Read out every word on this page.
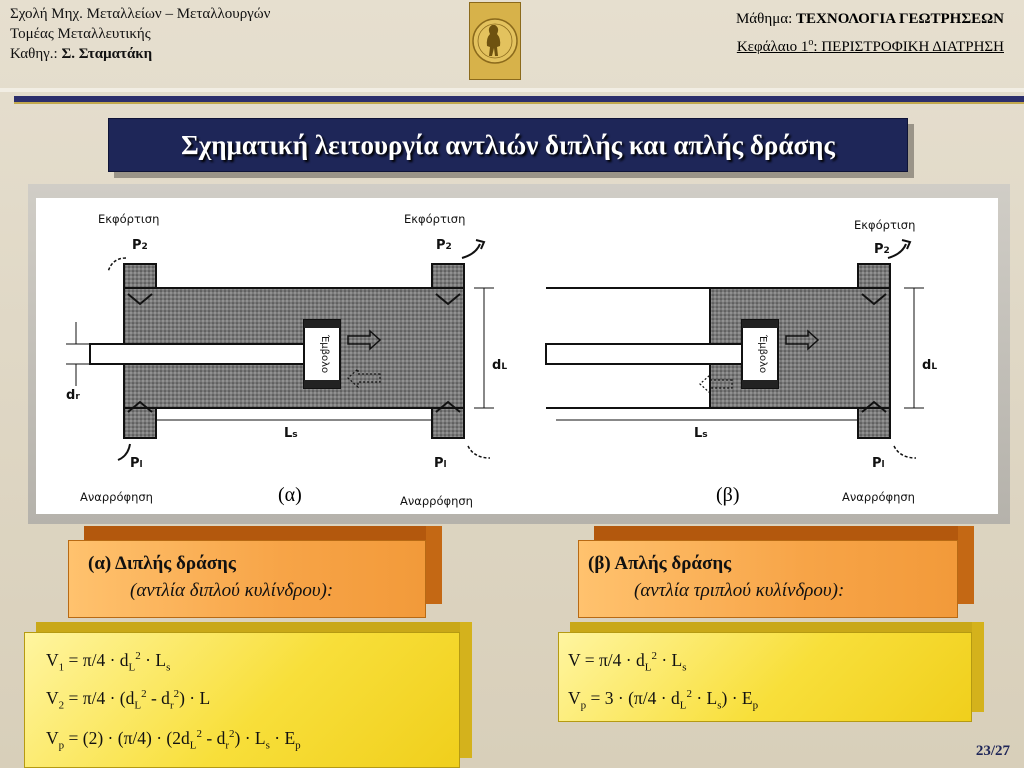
Σχολή Μηχ. Μεταλλείων – Μεταλλουργών
Τομέας Μεταλλευτικής
Καθηγ.: Σ. Σταματάκη
Μάθημα: ΤΕΧΝΟΛΟΓΙΑ ΓΕΩΤΡΗΣΕΩΝ
Κεφάλαιο $1^o$: ΠΕΡΙΣΤΡΟΦΙΚΗ ΔΙΑΤΡΗΣΗ
Σχηματική λειτουργία αντλιών διπλής και απλής δράσης
Έμβολο	Έμβολο
Εκφόρτιση	Εκφόρτιση	Εκφόρτιση
Αναρρόφηση	Αναρρόφηση	Αναρρόφηση
P2	P2	P2
Pl	Pl	Pl
dr
dL	dL
Ls	Ls
(α)	(β)
(α) Διπλής δράσης
(αντλία διπλού κυλίνδρου):
(β) Απλής δράσης
(αντλία τριπλού κυλίνδρου):
$V_1 = \pi/4 \cdot d_L^2 \cdot L_s$
$V_2 = \pi/4 \cdot (d_L^2 - d_r^2) \cdot L$
$V_p = (2) \cdot (\pi/4) \cdot (2d_L^2 - d_r^2) \cdot L_s \cdot E_p$
$V = \pi/4 \cdot d_L^2 \cdot L_s$
$V_p = 3 \cdot (\pi/4 \cdot d_L^2 \cdot L_s) \cdot E_p$
23/27
